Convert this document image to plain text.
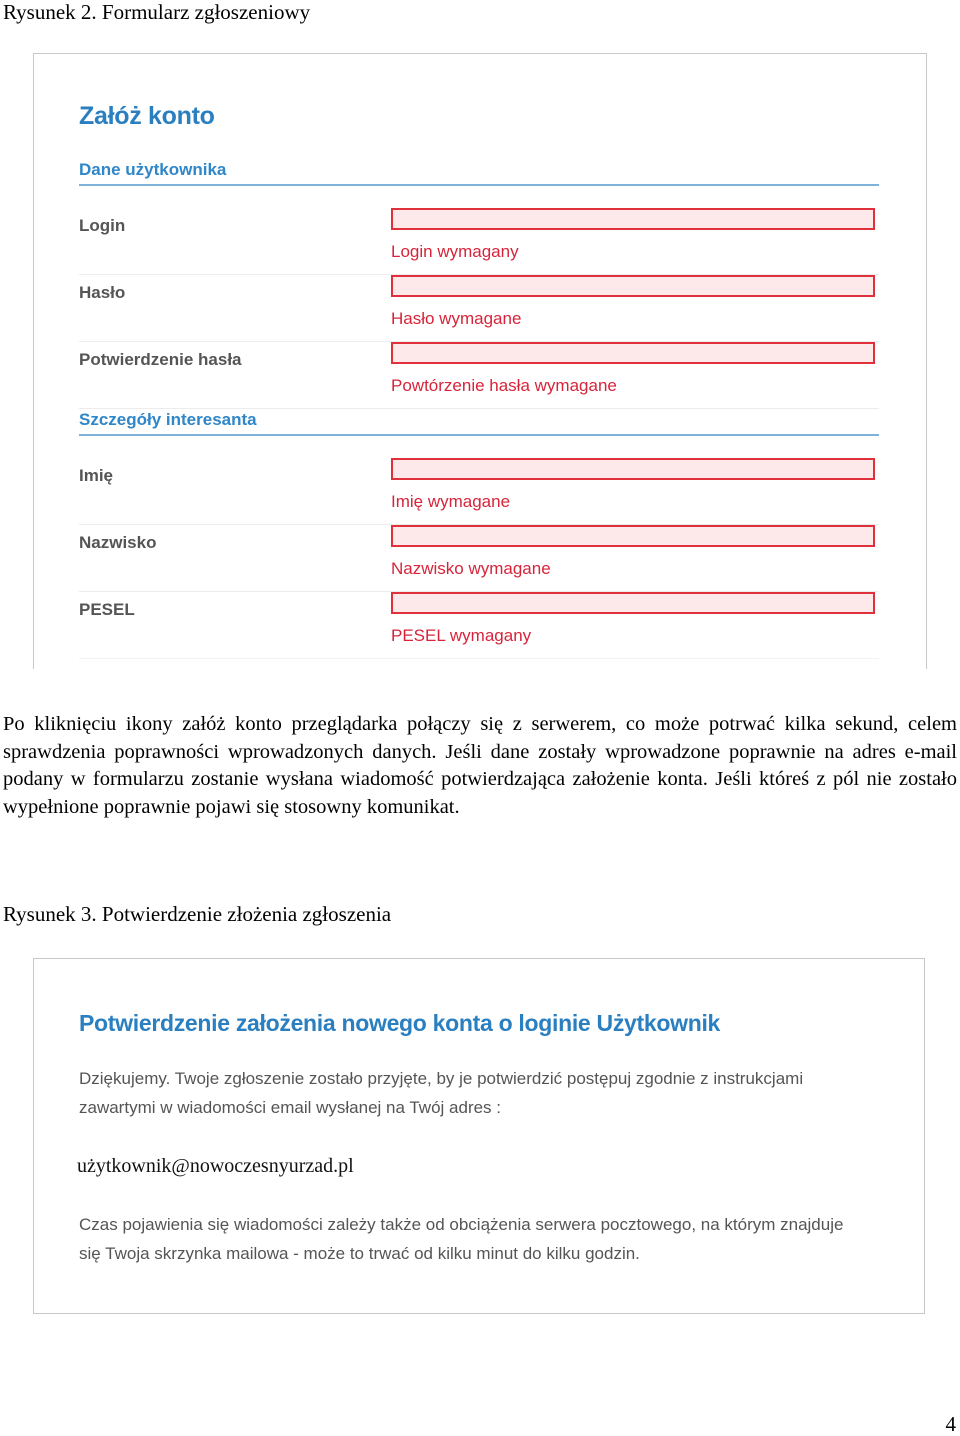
Rysunek 2. Formularz zgłoszeniowy
Załóż konto
Dane użytkownika
Login
Login wymagany
Hasło
Hasło wymagane
Potwierdzenie hasła
Powtórzenie hasła wymagane
Szczegóły interesanta
Imię
Imię wymagane
Nazwisko
Nazwisko wymagane
PESEL
PESEL wymagany

Po kliknięciu ikony załóż konto przeglądarka połączy się z serwerem, co może potrwać kilka sekund, celem sprawdzenia poprawności wprowadzonych danych. Jeśli dane zostały wprowadzone poprawnie na adres e-mail podany w formularzu zostanie wysłana wiadomość potwierdzająca założenie konta. Jeśli któreś z pól nie zostało wypełnione poprawnie pojawi się stosowny komunikat.

Rysunek 3. Potwierdzenie złożenia zgłoszenia
Potwierdzenie założenia nowego konta o loginie Użytkownik

Dziękujemy. Twoje zgłoszenie zostało przyjęte, by je potwierdzić postępuj zgodnie z instrukcjami zawartymi w wiadomości email wysłanej na Twój adres :

użytkownik@nowoczesnyurzad.pl

Czas pojawienia się wiadomości zależy także od obciążenia serwera pocztowego, na którym znajduje się Twoja skrzynka mailowa - może to trwać od kilku minut do kilku godzin.

4
